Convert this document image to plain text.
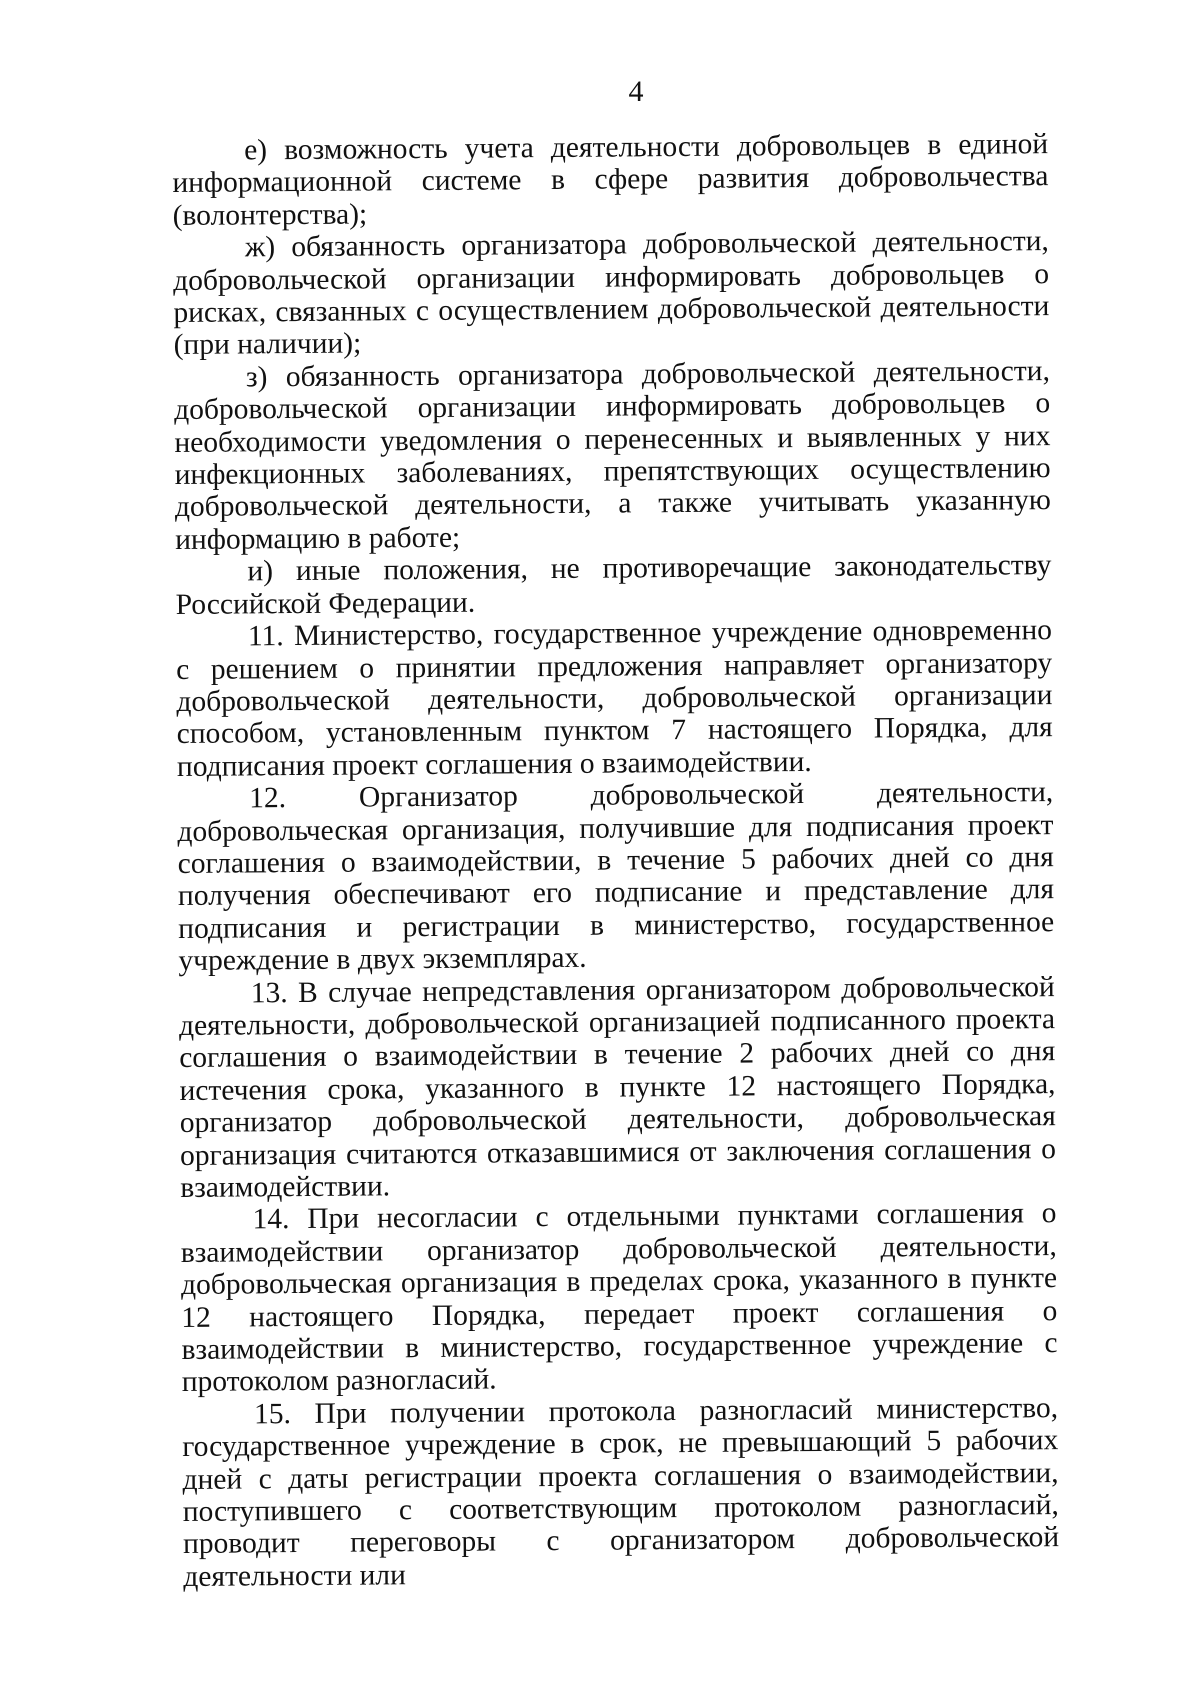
4

е) возможность учета деятельности добровольцев в единой информационной системе в сфере развития добровольчества (волонтерства);

ж) обязанность организатора добровольческой деятельности, добровольческой организации информировать добровольцев о рисках, связанных с осуществлением добровольческой деятельности (при наличии);

з) обязанность организатора добровольческой деятельности, добровольческой организации информировать добровольцев о необходимости уведомления о перенесенных и выявленных у них инфекционных заболеваниях, препятствующих осуществлению добровольческой деятельности, а также учитывать указанную информацию в работе;

и) иные положения, не противоречащие законодательству Российской Федерации.

11. Министерство, государственное учреждение одновременно с решением о принятии предложения направляет организатору добровольческой деятельности, добровольческой организации способом, установленным пунктом 7 настоящего Порядка, для подписания проект соглашения о взаимодействии.

12. Организатор добровольческой деятельности, добровольческая организация, получившие для подписания проект соглашения о взаимодействии, в течение 5 рабочих дней со дня получения обеспечивают его подписание и представление для подписания и регистрации в министерство, государственное учреждение в двух экземплярах.

13. В случае непредставления организатором добровольческой деятельности, добровольческой организацией подписанного проекта соглашения о взаимодействии в течение 2 рабочих дней со дня истечения срока, указанного в пункте 12 настоящего Порядка, организатор добровольческой деятельности, добровольческая организация считаются отказавшимися от заключения соглашения о взаимодействии.

14. При несогласии с отдельными пунктами соглашения о взаимодействии организатор добровольческой деятельности, добровольческая организация в пределах срока, указанного в пункте 12 настоящего Порядка, передает проект соглашения о взаимодействии в министерство, государственное учреждение с протоколом разногласий.

15. При получении протокола разногласий министерство, государственное учреждение в срок, не превышающий 5 рабочих дней с даты регистрации проекта соглашения о взаимодействии, поступившего с соответствующим протоколом разногласий, проводит переговоры с организатором добровольческой деятельности или
